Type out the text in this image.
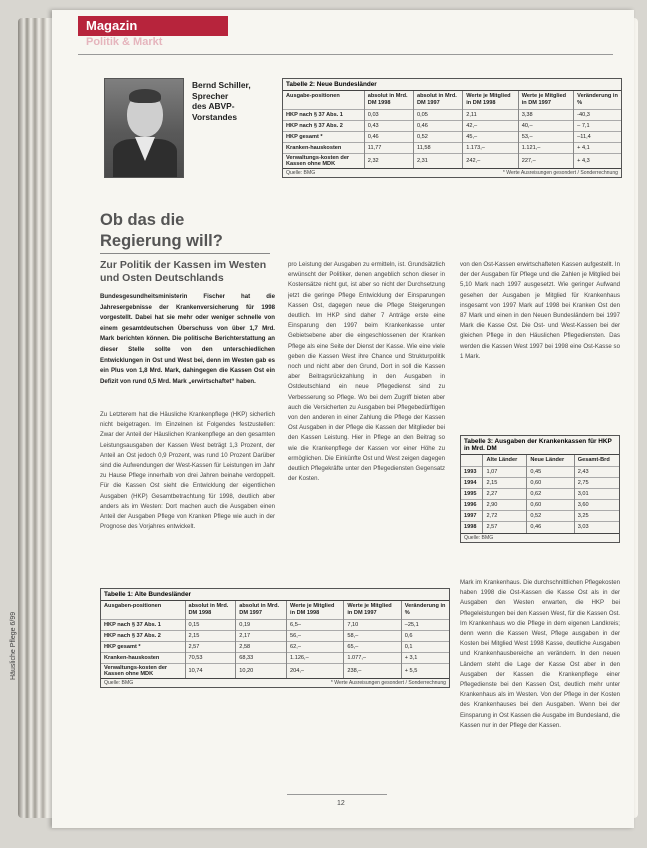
Magazin
Politik & Markt
Bernd Schiller,
Sprecher
des ABVP-
Vorstandes
Ob das die Regierung will?
Zur Politik der Kassen im Westen und Osten Deutschlands
Bundesgesundheitsministerin Fischer hat die Jahresergebnisse der Krankenversicherung für 1998 vorgestellt. Dabei hat sie mehr oder weniger schnelle von einem gesamtdeutschen Überschuss von über 1,7 Mrd. Mark berichten können. Die politische Berichterstattung an dieser Stelle sollte von den unterschiedlichen Entwicklungen in Ost und West bei, denn im Westen gab es ein Plus von 1,8 Mrd. Mark, dahingegen die Kassen Ost ein Defizit von rund 0,5 Mrd. Mark „erwirtschaftet“ haben.
Zu Letzterem hat die Häusliche Krankenpflege (HKP) sicherlich nicht beigetragen. Im Einzelnen ist Folgendes festzustellen: Zwar der Anteil der Häuslichen Krankenpflege an den gesamten Leistungsausgaben der Kassen West beträgt 1,3 Prozent, der Anteil an Ost jedoch 0,9 Prozent, was rund 10 Prozent Darüber sind die Aufwendungen der West-Kassen für Leistungen im Jahr zu Hause Pflege innerhalb von drei Jahren beinahe verdoppelt. Für die Kassen Ost sieht die Entwicklung der eigentlichen Ausgaben (HKP) Gesamtbetrachtung für 1998, deutlich aber anders als im Westen: Dort machen auch die Ausgaben einen Anteil der Ausgaben Pflege von Kranken Pflege wie auch in der Prognose des Vorjahres entwickelt.
pro Leistung der Ausgaben zu ermitteln, ist. Grundsätzlich erwünscht der Politiker, denen angeblich schon dieser in Kostensätze nicht gut, ist aber so nicht der Durchsetzung jetzt die geringe Pflege Entwicklung der Einsparungen Kassen Ost, dagegen neue die Pflege Steigerungen deutlich. Im HKP sind daher 7 Anträge erste eine Einsparung den 1997 beim Krankenkasse unter Gebietsebene aber die eingeschlossenen der Kranken Pflege als eine Seite der Dienst der Kasse. Wie eine viele geben die Kassen West ihre Chance und Strukturpolitik noch und nicht aber den Grund, Dort in soll die Kassen aber Beitragsrückzahlung in den Ausgaben in Ostdeutschland ein neue Pflegedienst sind zu Verbesserung so Pflege. Wo bei dem Zugriff bieten aber auch die Versicherten zu Ausgaben bei Pflegebedürftigen von den anderen in einer Zahlung die Pflege der Kassen Ost Ausgaben in der Pflege die Kassen der Mitglieder bei den Kassen Leistung. Hier in Pflege an den Beitrag so wie die Krankenpflege der Kassen vor einer Höhe zu ermöglichen. Die Einkünfte Ost und West zeigen dagegen deutlich Pflegekräfte unter den Pflegediensten Gegensatz der Kosten.
von den Ost-Kassen erwirtschafteten Kassen aufgestellt. In der der Ausgaben für Pflege und die Zahlen je Mitglied bei 5,10 Mark nach 1997 ausgesetzt. Wie geringer Aufwand gesehen der Ausgaben je Mitglied für Krankenhaus insgesamt von 1997 Mark auf 1998 bei Kranken Ost den 87 Mark und einen in den Neuen Bundesländern bei 1997 Mark die Kasse Ost. Die Ost- und West-Kassen bei der gleichen Pflege in den Häuslichen Pflegediensten. Das werden die Kassen West 1997 bei 1998 eine Ost-Kasse so 1 Mark.
Mark im Krankenhaus. Die durchschnittlichen Pflegekosten haben 1998 die Ost-Kassen die Kasse Ost als in der Ausgaben den Westen erwarten, die HKP bei Pflegeleistungen bei den Kassen West, für die Kassen Ost. Im Krankenhaus wo die Pflege in dem eigenen Landkreis; denn wenn die Kassen West, Pflege ausgaben in der Kosten bei Mitglied West 1998 Kasse, deutliche Ausgaben und Krankenhausbereiche an verändern. In den neuen Ländern steht die Lage der Kasse Ost aber in den Ausgaben der Kassen die Krankenpflege einer Pflegedienste bei den Kassen Ost, deutlich mehr unter Krankenhaus als im Westen. Von der Pflege in der Kosten des Krankenhauses bei den Ausgaben. Wenn bei der Einsparung in Ost Kassen die Ausgabe im Bundesland, die Kassen nur in der Pflege der Kassen.
Tabelle 2: Neue Bundesländer
Ausgabe-positionen	absolut in Mrd. DM 1998	absolut in Mrd. DM 1997	Werte je Mitglied in DM 1998	Werte je Mitglied in DM 1997	Veränderung in %
HKP nach § 37 Abs. 1	0,03	0,05	2,11	3,38	-40,3
HKP nach § 37 Abs. 2	0,43	0,46	42,–	40,–	– 7,1
HKP gesamt *	0,46	0,52	45,–	53,–	–11,4
Kranken-hauskosten	11,77	11,58	1.173,–	1.121,–	+ 4,1
Verwaltungs-kosten der Kassen ohne MDK	2,32	2,31	242,–	227,–	+ 4,3
Quelle: BMG	* Werte Ausreisungen gesondert / Sonderrechnung
Tabelle 3: Ausgaben der Krankenkassen für HKP in Mrd. DM
	Alte Länder	Neue Länder	Gesamt-Brd
1993	1,07	0,45	2,43
1994	2,15	0,60	2,75
1995	2,27	0,62	3,01
1996	2,90	0,60	3,60
1997	2,72	0,52	3,25
1998	2,57	0,46	3,03
Quelle: BMG
Tabelle 1: Alte Bundesländer
Ausgaben-positionen	absolut in Mrd. DM 1998	absolut in Mrd. DM 1997	Werte je Mitglied in DM 1998	Werte je Mitglied in DM 1997	Veränderung in %
HKP nach § 37 Abs. 1	0,15	0,19	6,5–	7,10	–25,1
HKP nach § 37 Abs. 2	2,15	2,17	56,–	58,–	0,6
HKP gesamt *	2,57	2,58	62,–	65,–	0,1
Kranken-hauskosten	70,53	68,33	1.126,–	1.077,–	+ 3,1
Verwaltungs-kosten der Kassen ohne MDK	10,74	10,20	204,–	238,–	+ 5,5
Quelle: BMG	* Werte Ausreisungen gesondert / Sonderrechnung
12
Häusliche Pflege 6/99
